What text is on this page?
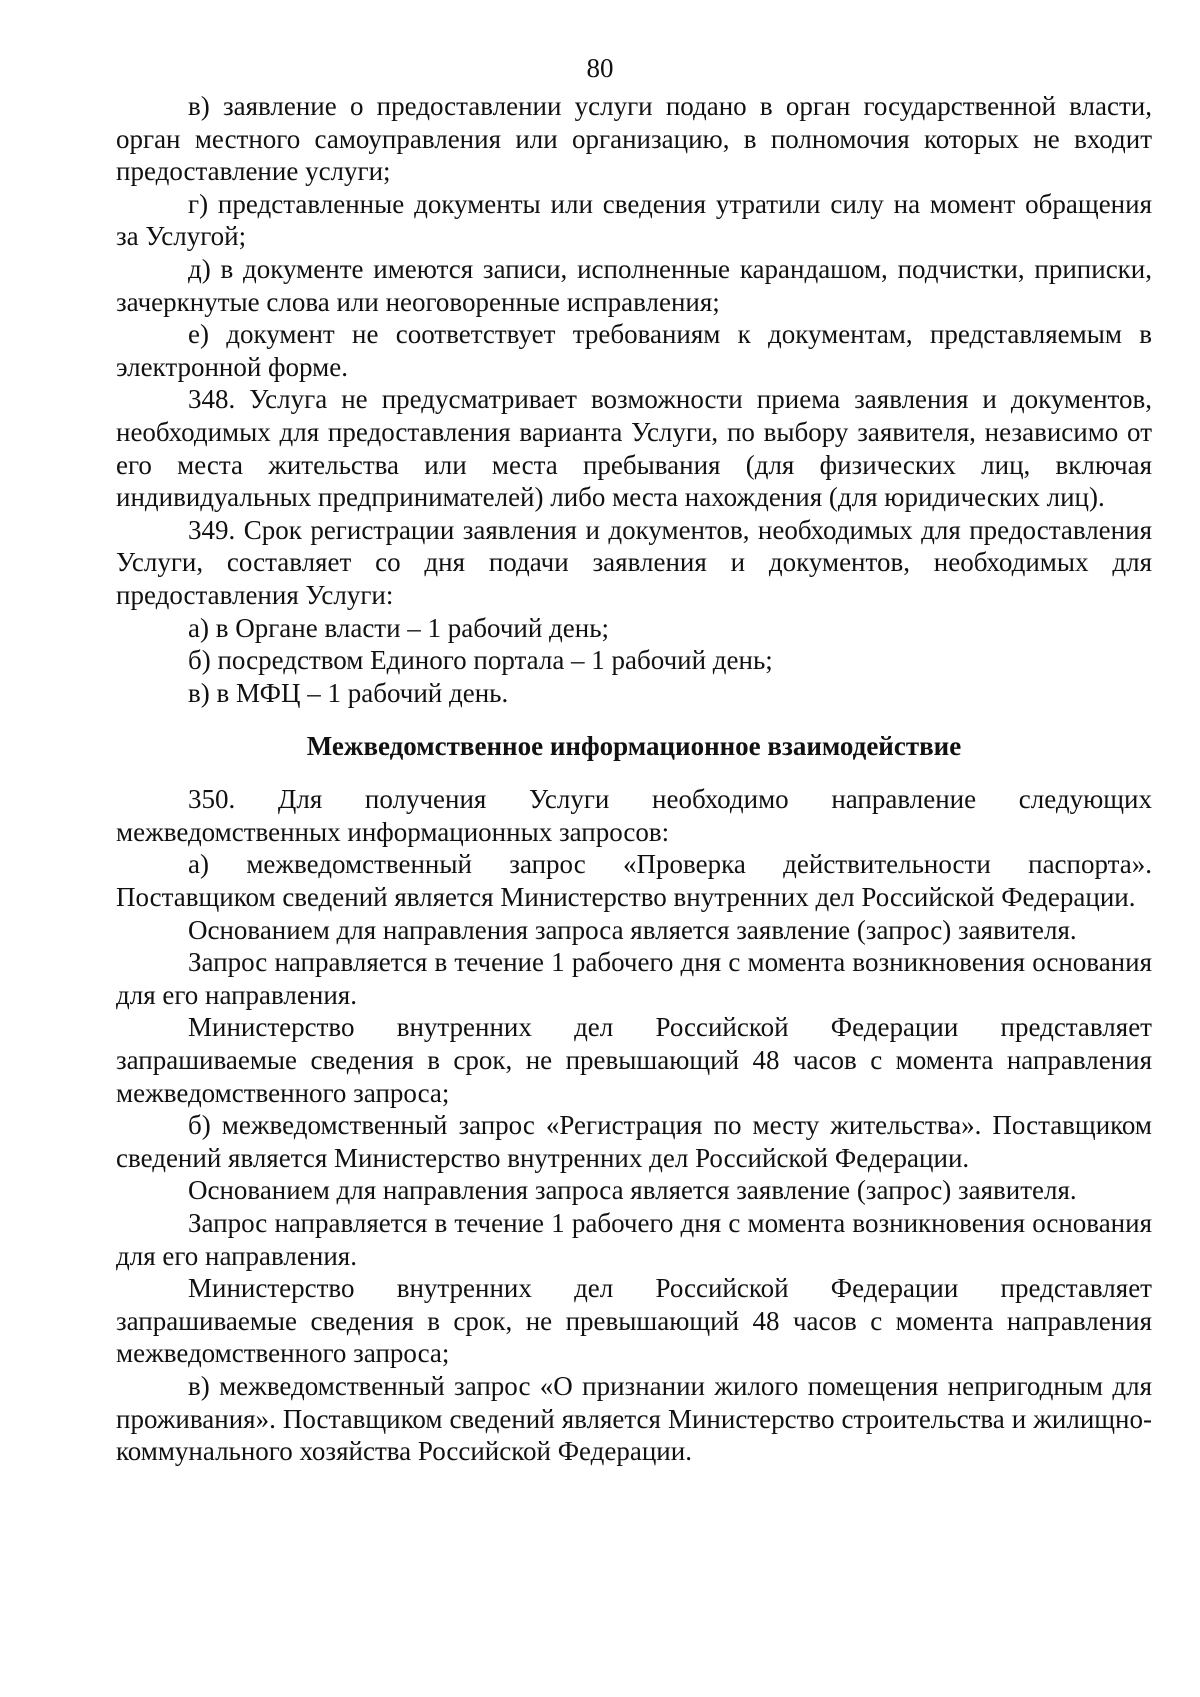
80

в) заявление о предоставлении услуги подано в орган государственной власти, орган местного самоуправления или организацию, в полномочия которых не входит предоставление услуги;

г) представленные документы или сведения утратили силу на момент обращения за Услугой;

д) в документе имеются записи, исполненные карандашом, подчистки, приписки, зачеркнутые слова или неоговоренные исправления;

е) документ не соответствует требованиям к документам, представляемым в электронной форме.

348. Услуга не предусматривает возможности приема заявления и документов, необходимых для предоставления варианта Услуги, по выбору заявителя, независимо от его места жительства или места пребывания (для физических лиц, включая индивидуальных предпринимателей) либо места нахождения (для юридических лиц).

349. Срок регистрации заявления и документов, необходимых для предоставления Услуги, составляет со дня подачи заявления и документов, необходимых для предоставления Услуги:

а) в Органе власти – 1 рабочий день;

б) посредством Единого портала – 1 рабочий день;

в) в МФЦ – 1 рабочий день.

Межведомственное информационное взаимодействие

350. Для получения Услуги необходимо направление следующих межведомственных информационных запросов:

а) межведомственный запрос «Проверка действительности паспорта». Поставщиком сведений является Министерство внутренних дел Российской Федерации.

Основанием для направления запроса является заявление (запрос) заявителя.

Запрос направляется в течение 1 рабочего дня с момента возникновения основания для его направления.

Министерство внутренних дел Российской Федерации представляет запрашиваемые сведения в срок, не превышающий 48 часов с момента направления межведомственного запроса;

б) межведомственный запрос «Регистрация по месту жительства». Поставщиком сведений является Министерство внутренних дел Российской Федерации.

Основанием для направления запроса является заявление (запрос) заявителя.

Запрос направляется в течение 1 рабочего дня с момента возникновения основания для его направления.

Министерство внутренних дел Российской Федерации представляет запрашиваемые сведения в срок, не превышающий 48 часов с момента направления межведомственного запроса;

в) межведомственный запрос «О признании жилого помещения непригодным для проживания». Поставщиком сведений является Министерство строительства и жилищно-коммунального хозяйства Российской Федерации.
